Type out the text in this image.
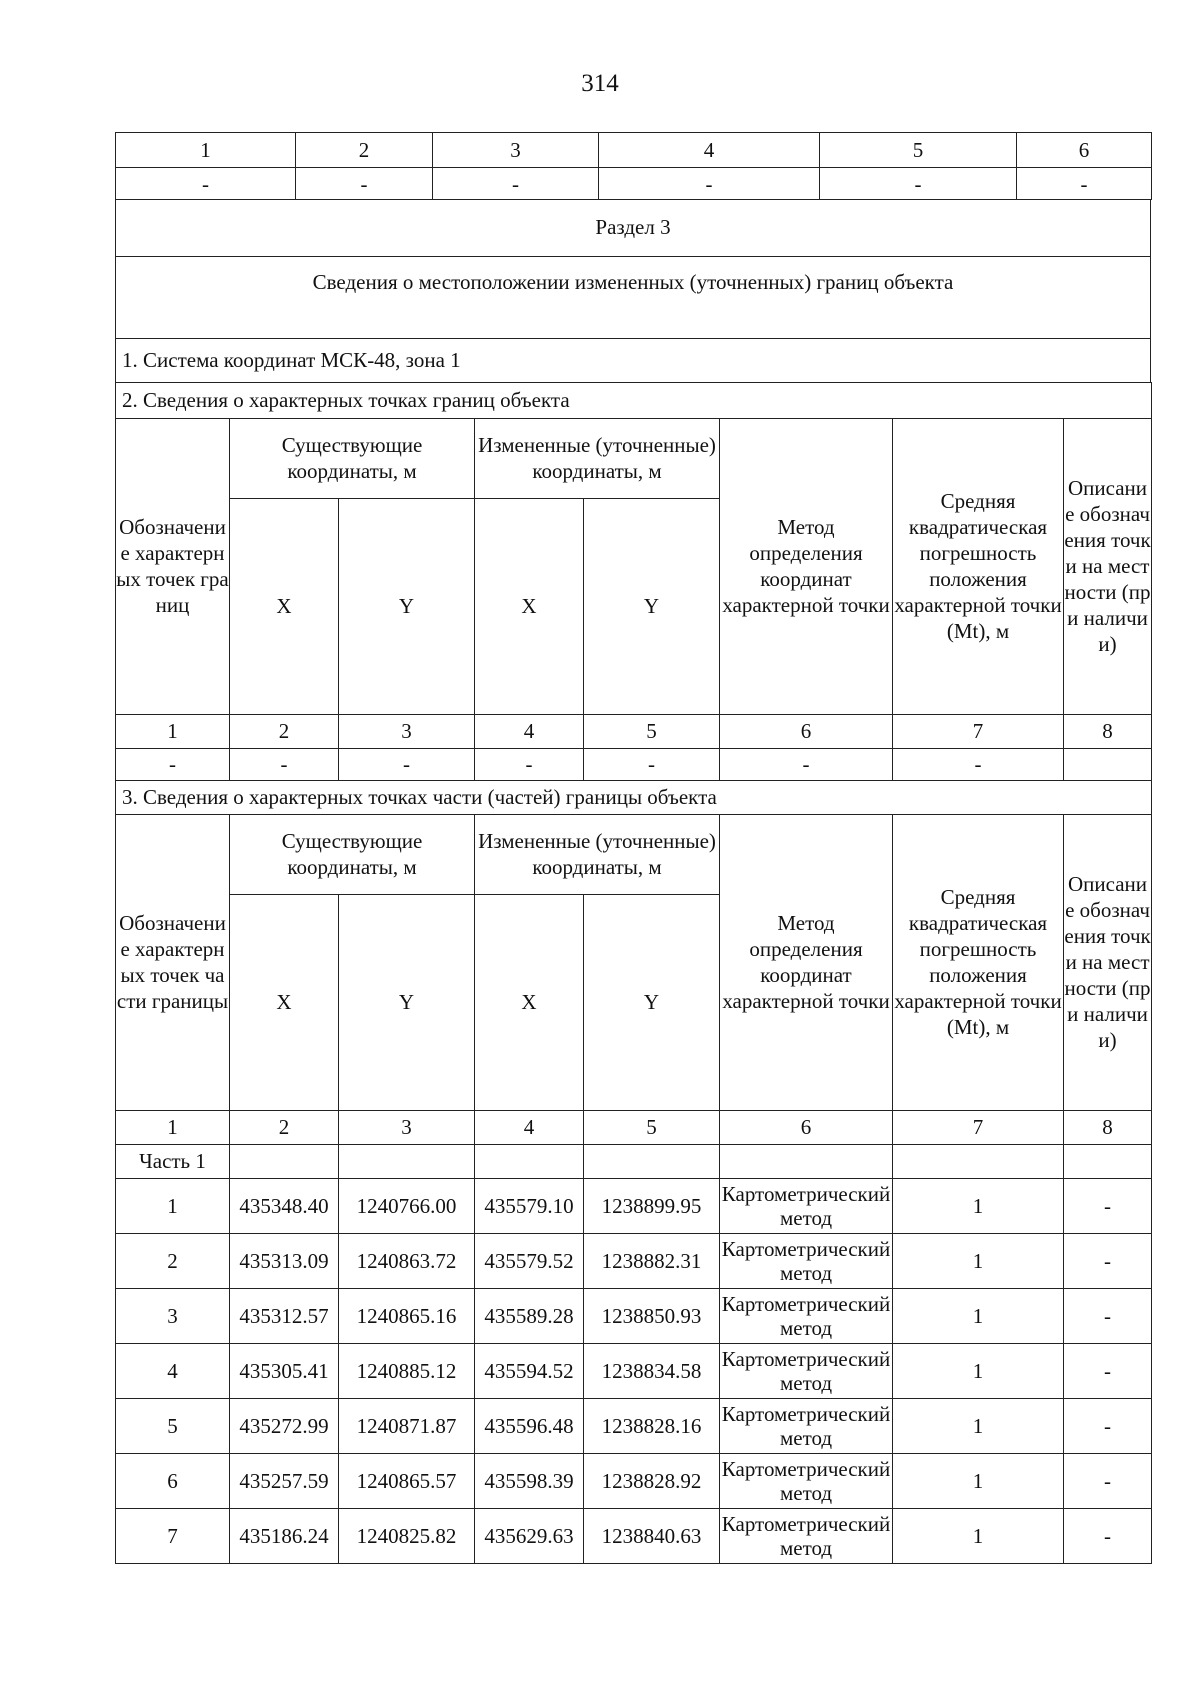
314
1	2	3	4	5	6
-	-	-	-	-	-
Раздел 3
Сведения о местоположении измененных (уточненных) границ объекта
1. Система координат МСК-48, зона 1
2. Сведения о характерных точках границ объекта							
Обозначение характерных точек границ	Существующие координаты, м		Измененные (уточненные) координаты, м		Метод определения координат характерной точки	Средняя квадратическая погрешность положения характерной точки (Mt), м	Описание обозначения точки на местности (при наличии)
	X	Y	X	Y			
1	2	3	4	5	6	7	8
-	-	-	-	-	-	-	
3. Сведения о характерных точках части (частей) границы объекта							
Обозначение характерных точек части границы	Существующие координаты, м		Измененные (уточненные) координаты, м		Метод определения координат характерной точки	Средняя квадратическая погрешность положения характерной точки (Mt), м	Описание обозначения точки на местности (при наличии)
	X	Y	X	Y			
1	2	3	4	5	6	7	8
Часть 1							
1	435348.40	1240766.00	435579.10	1238899.95	Картометрический метод	1	-
2	435313.09	1240863.72	435579.52	1238882.31	Картометрический метод	1	-
3	435312.57	1240865.16	435589.28	1238850.93	Картометрический метод	1	-
4	435305.41	1240885.12	435594.52	1238834.58	Картометрический метод	1	-
5	435272.99	1240871.87	435596.48	1238828.16	Картометрический метод	1	-
6	435257.59	1240865.57	435598.39	1238828.92	Картометрический метод	1	-
7	435186.24	1240825.82	435629.63	1238840.63	Картометрический метод	1	-
